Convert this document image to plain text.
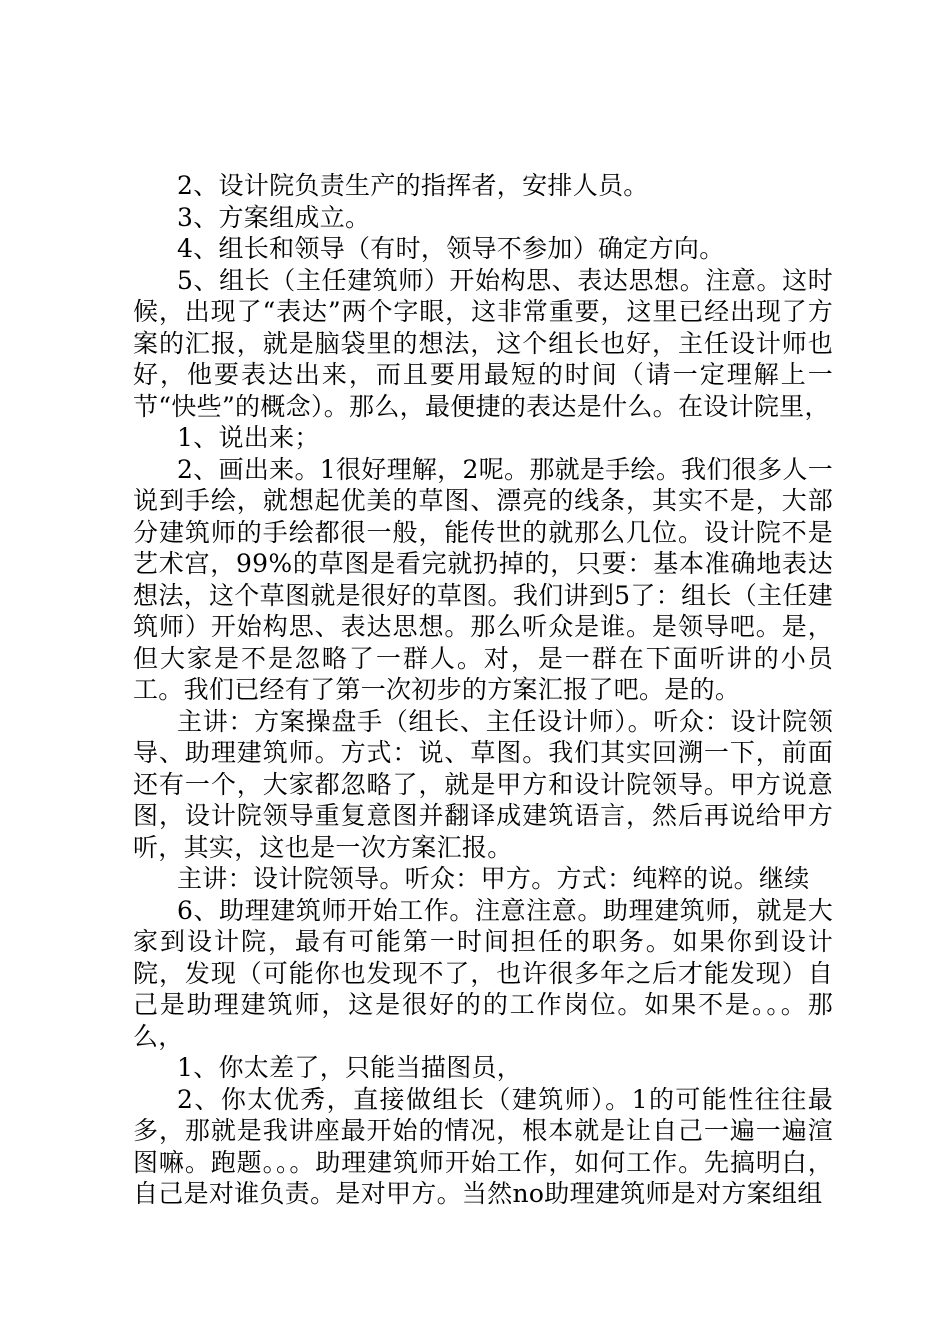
2、设计院负责生产的指挥者，安排人员。

3、方案组成立。

4、组长和领导（有时，领导不参加）确定方向。

5、组长（主任建筑师）开始构思、表达思想。注意。这时候，出现了“表达”两个字眼，这非常重要，这里已经出现了方案的汇报，就是脑袋里的想法，这个组长也好，主任设计师也好，他要表达出来，而且要用最短的时间（请一定理解上一节“快些”的概念）。那么，最便捷的表达是什么。在设计院里，

1、说出来；

2、画出来。1很好理解，2呢。那就是手绘。我们很多人一说到手绘，就想起优美的草图、漂亮的线条，其实不是，大部分建筑师的手绘都很一般，能传世的就那么几位。设计院不是艺术宫，99%的草图是看完就扔掉的，只要：基本准确地表达想法，这个草图就是很好的草图。我们讲到5了：组长（主任建筑师）开始构思、表达思想。那么听众是谁。是领导吧。是，但大家是不是忽略了一群人。对，是一群在下面听讲的小员工。我们已经有了第一次初步的方案汇报了吧。是的。

主讲：方案操盘手（组长、主任设计师）。听众：设计院领导、助理建筑师。方式：说、草图。我们其实回溯一下，前面还有一个，大家都忽略了，就是甲方和设计院领导。甲方说意图，设计院领导重复意图并翻译成建筑语言，然后再说给甲方听，其实，这也是一次方案汇报。

主讲：设计院领导。听众：甲方。方式：纯粹的说。继续

6、助理建筑师开始工作。注意注意。助理建筑师，就是大家到设计院，最有可能第一时间担任的职务。如果你到设计院，发现（可能你也发现不了，也许很多年之后才能发现）自己是助理建筑师，这是很好的的工作岗位。如果不是。。。那么，

1、你太差了，只能当描图员，

2、你太优秀，直接做组长（建筑师）。1的可能性往往最多，那就是我讲座最开始的情况，根本就是让自己一遍一遍渲图嘛。跑题。。。助理建筑师开始工作，如何工作。先搞明白，自己是对谁负责。是对甲方。当然no助理建筑师是对方案组组
